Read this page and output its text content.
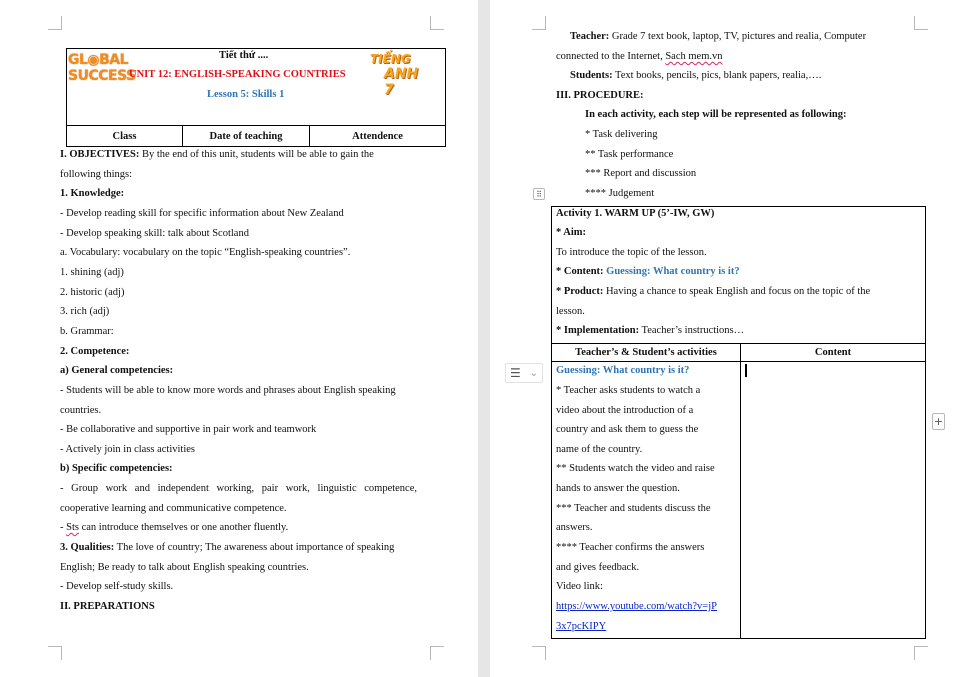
GL◉BAL
SUCCESS
TIẾNG
ANH 7
Tiết thứ ....
UNIT 12: ENGLISH-SPEAKING COUNTRIES
Lesson 5: Skills 1
Class	Date of teaching	Attendence
I. OBJECTIVES: By the end of this unit, students will be able to gain the
following things:
1. Knowledge:
- Develop reading skill for specific information about New Zealand
- Develop speaking skill: talk about Scotland
a. Vocabulary: vocabulary on the topic “English-speaking countries”.
1. shining (adj)
2. historic (adj)
3. rich (adj)
b. Grammar:
2. Competence:
a) General competencies:
- Students will be able to know more words and phrases about English speaking
countries.
- Be collaborative and supportive in pair work and teamwork
- Actively join in class activities
b) Specific competencies:
- Group work and independent working, pair work, linguistic competence,
cooperative learning and communicative competence.
- Sts can introduce themselves or one another fluently.
3. Qualities: The love of country; The awareness about importance of speaking
English; Be ready to talk about English speaking countries.
- Develop self-study skills.
II. PREPARATIONS
Teacher: Grade 7 text book, laptop, TV, pictures and realia, Computer
connected to the Internet, Sach mem.vn
Students: Text books, pencils, pics, blank papers, realia,….
III. PROCEDURE:
In each activity, each step will be represented as following:
* Task delivering
** Task performance
*** Report and discussion
**** Judgement
⠿
Activity 1. WARM UP (5’-IW, GW)
* Aim:
To introduce the topic of the lesson.
* Content: Guessing: What country is it?
* Product: Having a chance to speak English and focus on the topic of the
lesson.
* Implementation: Teacher’s instructions…
Teacher’s & Student’s activities	Content
Guessing: What country is it?
* Teacher asks students to watch a
video about the introduction of a
country and ask them to guess the
name of the country.
** Students watch the video and raise
hands to answer the question.
*** Teacher and students discuss the
answers.
**** Teacher confirms the answers
and gives feedback.
Video link:
https://www.youtube.com/watch?v=jP
3x7pcKIPY
☰ ⌄
+
